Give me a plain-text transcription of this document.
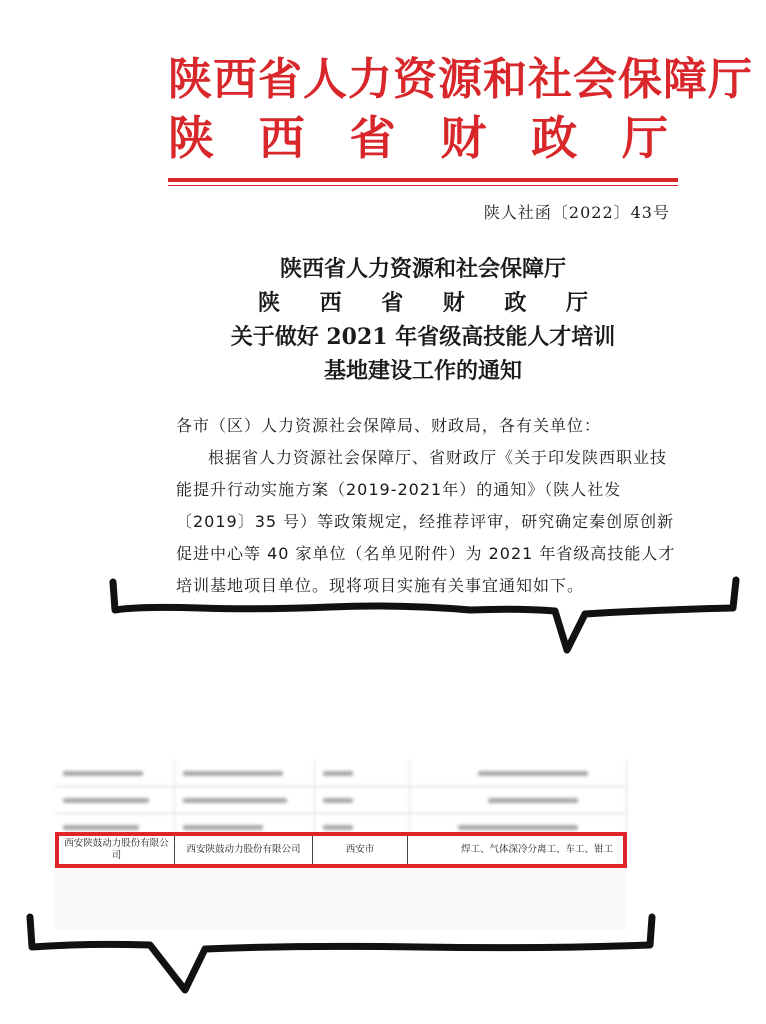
陕西省人力资源和社会保障厅
陕 西 省 财 政 厅
陕人社函〔2022〕43号
陕西省人力资源和社会保障厅
陕 西 省 财 政 厅
关于做好 2021 年省级高技能人才培训
基地建设工作的通知

各市（区）人力资源社会保障局、财政局，各有关单位：

根据省人力资源社会保障厅、省财政厅《关于印发陕西职业技能提升行动实施方案（2019-2021年）的通知》（陕人社发〔2019〕35 号）等政策规定，经推荐评审，研究确定秦创原创新促进中心等 40 家单位（名单见附件）为 2021 年省级高技能人才培训基地项目单位。现将项目实施有关事宜通知如下。

西安陕鼓动力股份有限公司
西安陕鼓动力股份有限公司	西安市	焊工、气体深冷分离工、车工、钳工
